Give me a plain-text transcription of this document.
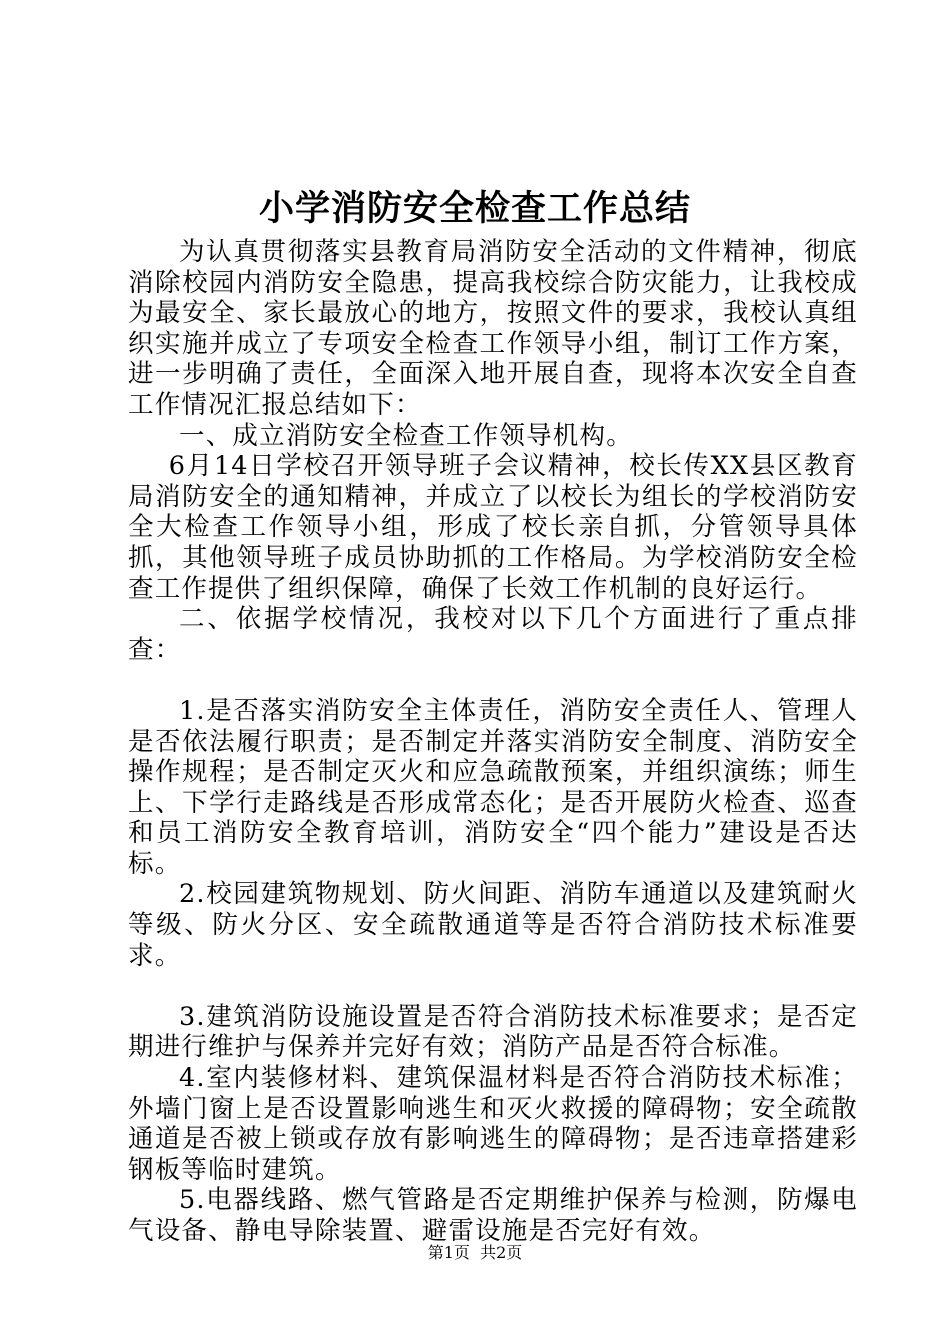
小学消防安全检查工作总结

为认真贯彻落实县教育局消防安全活动的文件精神，彻底消除校园内消防安全隐患，提高我校综合防灾能力，让我校成为最安全、家长最放心的地方，按照文件的要求，我校认真组织实施并成立了专项安全检查工作领导小组，制订工作方案，进一步明确了责任，全面深入地开展自查，现将本次安全自查工作情况汇报总结如下：

一、成立消防安全检查工作领导机构。

6月14日学校召开领导班子会议精神，校长传XX县区教育局消防安全的通知精神，并成立了以校长为组长的学校消防安全大检查工作领导小组，形成了校长亲自抓，分管领导具体抓，其他领导班子成员协助抓的工作格局。为学校消防安全检查工作提供了组织保障，确保了长效工作机制的良好运行。

二、依据学校情况，我校对以下几个方面进行了重点排查：

1.是否落实消防安全主体责任，消防安全责任人、管理人是否依法履行职责；是否制定并落实消防安全制度、消防安全操作规程；是否制定灭火和应急疏散预案，并组织演练；师生上、下学行走路线是否形成常态化；是否开展防火检查、巡查和员工消防安全教育培训，消防安全“四个能力”建设是否达标。

2.校园建筑物规划、防火间距、消防车通道以及建筑耐火等级、防火分区、安全疏散通道等是否符合消防技术标准要求。

3.建筑消防设施设置是否符合消防技术标准要求；是否定期进行维护与保养并完好有效；消防产品是否符合标准。

4.室内装修材料、建筑保温材料是否符合消防技术标准；外墙门窗上是否设置影响逃生和灭火救援的障碍物；安全疏散通道是否被上锁或存放有影响逃生的障碍物；是否违章搭建彩钢板等临时建筑。

5.电器线路、燃气管路是否定期维护保养与检测，防爆电气设备、静电导除装置、避雷设施是否完好有效。

第1页 共2页
